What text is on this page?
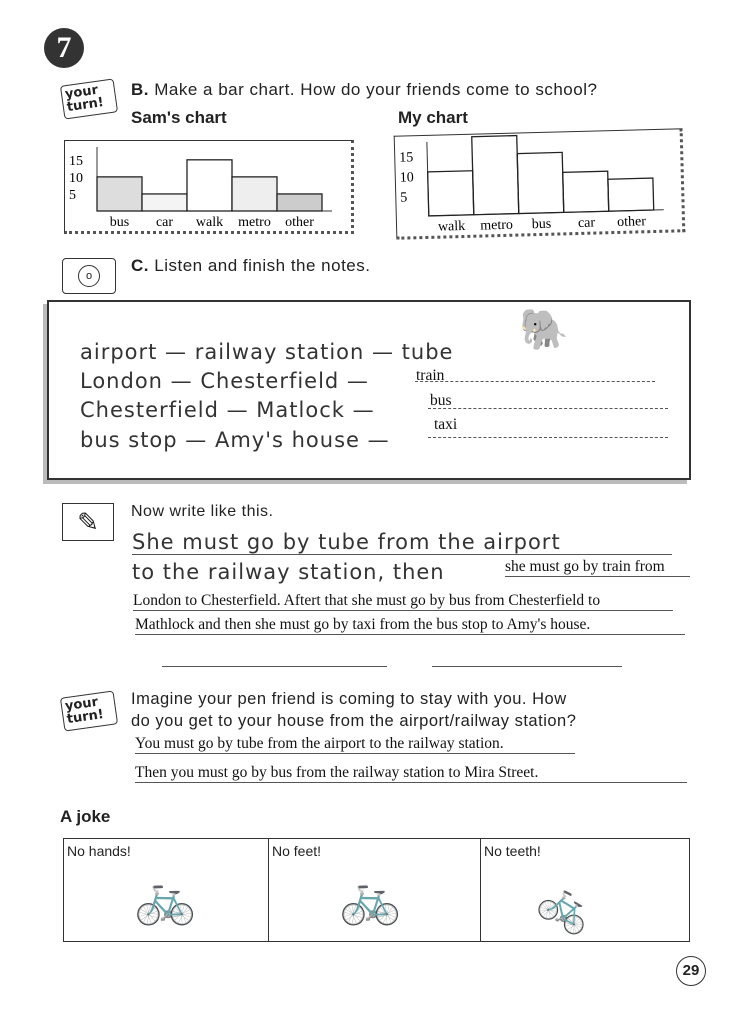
7
your turn!
B. Make a bar chart. How do your friends come to school?
Sam's chart	My chart
15
10
5
bus car walk metro other
15
10
5
walk metro bus car other
o
C. Listen and finish the notes.
🐘
airport — railway station — tube
London — Chesterfield —
Chesterfield — Matlock —
bus stop — Amy's house —
train
bus
taxi
✎	Now write like this.
She must go by tube from the airport
to the railway station, then	she must go by train from
London to Chesterfield. Aftert that she must go by bus from Chesterfield to
Mathlock and then she must go by taxi from the bus stop to Amy's house.
your turn!
Imagine your pen friend is coming to stay with you. How
do you get to your house from the airport/railway station?
You must go by tube from the airport to the railway station.
Then you must go by bus from the railway station to Mira Street.
A joke
No hands!
🚲
No feet!
🚲
No teeth!
🚲
29
